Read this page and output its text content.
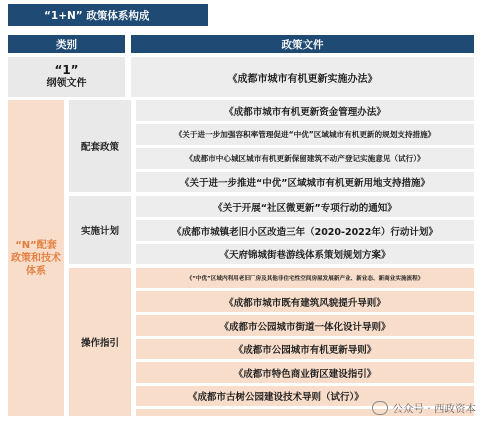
“1+N” 政策体系构成
类别	政策文件
“1”
纲领文件	《成都市城市有机更新实施办法》
“N”配套
政策和技术
体系
配套政策
《成都市城市有机更新资金管理办法》
《关于进一步加强容积率管理促进“中优”区域城市有机更新的规划支持措施》
《成都市中心城区城市有机更新保留建筑不动产登记实施意见（试行）》
《关于进一步推进“中优”区域城市有机更新用地支持措施》
实施计划
《关于开展“社区微更新”专项行动的通知》
《成都市城镇老旧小区改造三年（2020-2022年）行动计划》
《天府锦城街巷游线体系策划规划方案》
操作指引
《“中优”区域内利用老旧厂房及其他非住宅性空间房屋发展新产业、新业态、新商业实施流程》
《成都市城市既有建筑风貌提升导则》
《成都市公园城市街道一体化设计导则》
《成都市公园城市有机更新导则》
《成都市特色商业街区建设指引》
《成都市古树公园建设技术导则（试行）》
公众号 · 西政资本
